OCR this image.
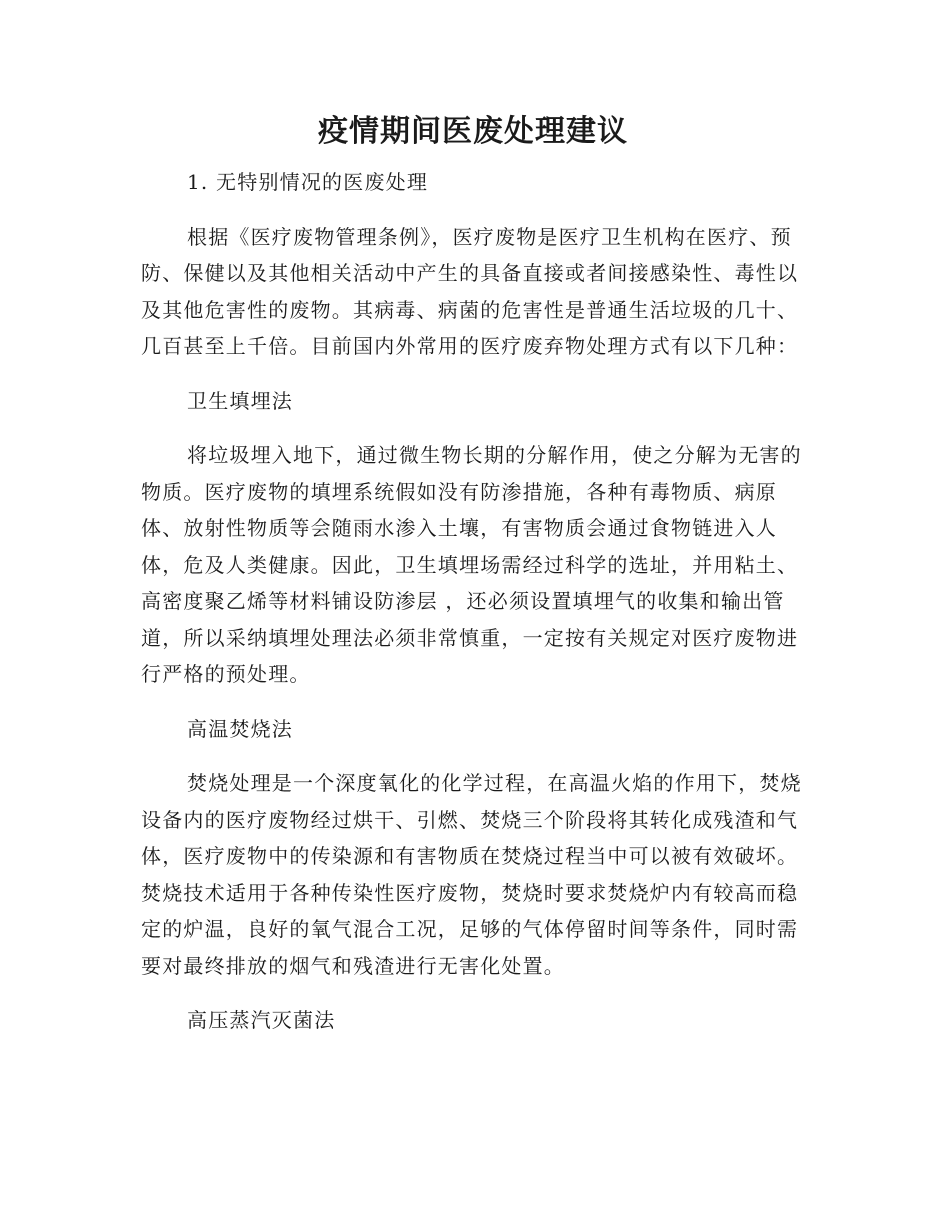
疫情期间医废处理建议

1. 无特别情况的医废处理

根据《医疗废物管理条例》，医疗废物是医疗卫生机构在医疗、预防、保健以及其他相关活动中产生的具备直接或者间接感染性、毒性以及其他危害性的废物。其病毒、病菌的危害性是普通生活垃圾的几十、几百甚至上千倍。目前国内外常用的医疗废弃物处理方式有以下几种：

卫生填埋法

将垃圾埋入地下，通过微生物长期的分解作用，使之分解为无害的物质。医疗废物的填埋系统假如没有防渗措施，各种有毒物质、病原体、放射性物质等会随雨水渗入土壤，有害物质会通过食物链进入人体，危及人类健康。因此，卫生填埋场需经过科学的选址，并用粘土、高密度聚乙烯等材料铺设防渗层 ，还必须设置填埋气的收集和输出管道，所以采纳填埋处理法必须非常慎重，一定按有关规定对医疗废物进行严格的预处理。

高温焚烧法

焚烧处理是一个深度氧化的化学过程，在高温火焰的作用下，焚烧设备内的医疗废物经过烘干、引燃、焚烧三个阶段将其转化成残渣和气体，医疗废物中的传染源和有害物质在焚烧过程当中可以被有效破坏。焚烧技术适用于各种传染性医疗废物，焚烧时要求焚烧炉内有较高而稳定的炉温，良好的氧气混合工况，足够的气体停留时间等条件，同时需要对最终排放的烟气和残渣进行无害化处置。

高压蒸汽灭菌法
